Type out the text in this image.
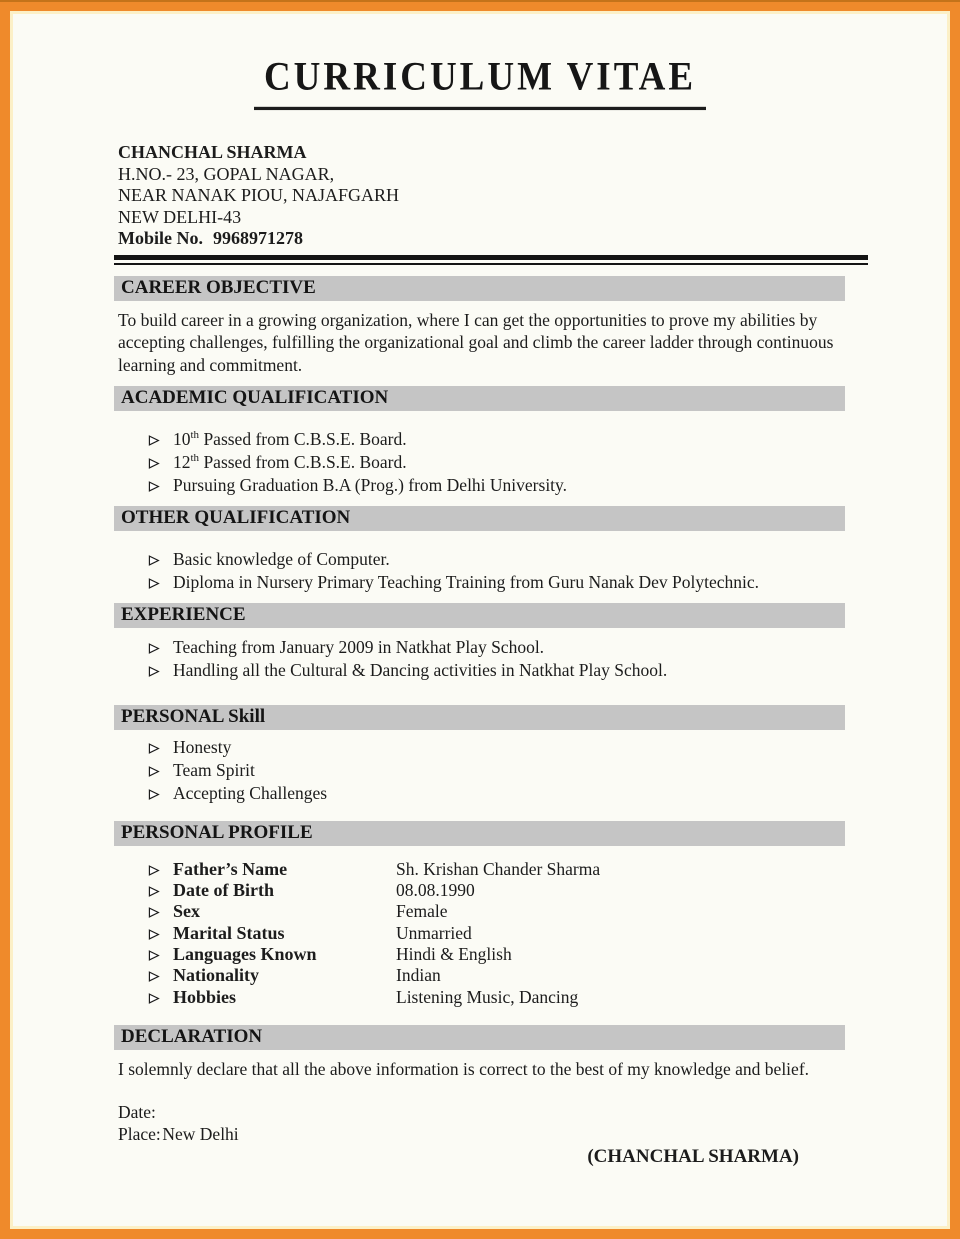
CURRICULUM VITAE
CHANCHAL SHARMA
H.NO.- 23, GOPAL NAGAR,
NEAR NANAK PIOU, NAJAFGARH
NEW DELHI-43
Mobile No. 9968971278
CAREER OBJECTIVE

To build career in a growing organization, where I can get the opportunities to prove my abilities by accepting challenges, fulfilling the organizational goal and climb the career ladder through continuous learning and commitment.

ACADEMIC QUALIFICATION
10th Passed from C.B.S.E. Board.
12th Passed from C.B.S.E. Board.
Pursuing Graduation B.A (Prog.) from Delhi University.
OTHER QUALIFICATION
Basic knowledge of Computer.
Diploma in Nursery Primary Teaching Training from Guru Nanak Dev Polytechnic.
EXPERIENCE
Teaching from January 2009 in Natkhat Play School.
Handling all the Cultural & Dancing activities in Natkhat Play School.
PERSONAL Skill
Honesty
Team Spirit
Accepting Challenges
PERSONAL PROFILE
Father’s Name	Sh. Krishan Chander Sharma
Date of Birth	08.08.1990
Sex	Female
Marital Status	Unmarried
Languages Known	Hindi & English
Nationality	Indian
Hobbies	Listening Music, Dancing
DECLARATION

I solemnly declare that all the above information is correct to the best of my knowledge and belief.

Date:
Place: New Delhi
(CHANCHAL SHARMA)
